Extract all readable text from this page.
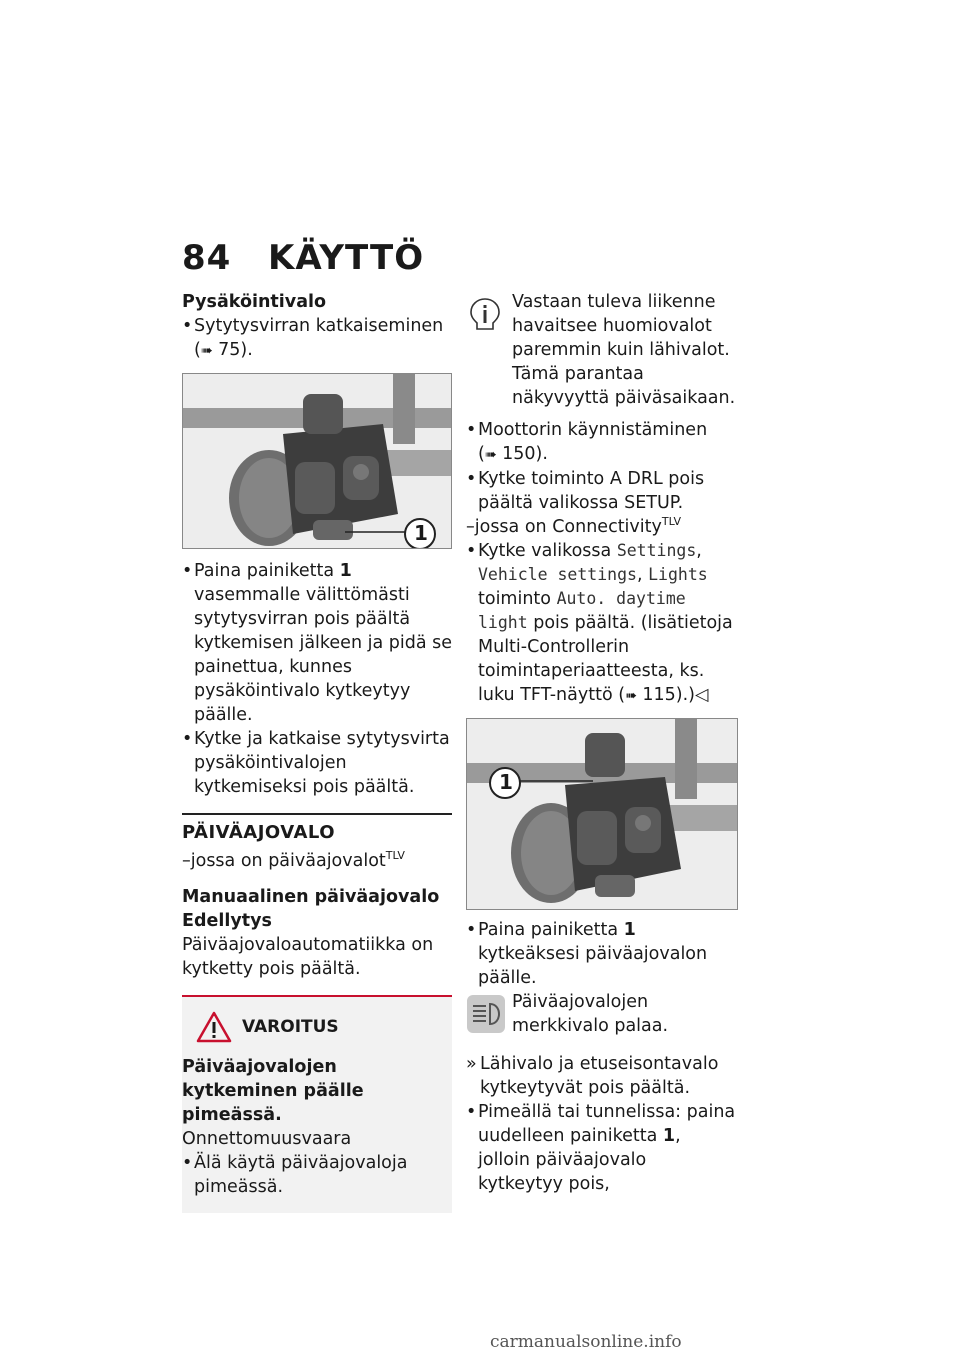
84 KÄYTTÖ
Pysäköintivalo
• Sytytysvirran katkaiseminen
(➠ 75).
1
• Paina painiketta 1 vasemmalle välittömästi sytytysvirran pois päältä kytkemisen jälkeen ja pidä se painettua, kunnes pysäköintivalo kytkeytyy päälle.
• Kytke ja katkaise sytytysvirta pysäköintivalojen kytkemiseksi pois päältä.
PÄIVÄAJOVALO
–jossa on päiväajovalot$^{TLV}$
Manuaalinen päiväajovalo
Edellytys
Päiväajovaloautomatiikka on kytketty pois päältä.
VAROITUS
Päiväajovalojen kytkeminen päälle pimeässä.
Onnettomuusvaara
• Älä käytä päiväajovaloja pimeässä.
Vastaan tuleva liikenne havaitsee huomiovalot paremmin kuin lähivalot. Tämä parantaa näkyvyyttä päiväsaikaan.
• Moottorin käynnistäminen
(➠ 150).
• Kytke toiminto A DRL pois päältä valikossa SETUP.
–jossa on Connectivity$^{TLV}$
• Kytke valikossa Settings, Vehicle settings, Lights toiminto Auto. daytime light pois päältä. (lisätietoja Multi-Controllerin toimintaperiaatteesta, ks. luku TFT-näyttö (➠ 115).)◁
1
• Paina painiketta 1 kytkeäksesi päiväajovalon päälle.
Päiväajovalojen merkkivalo palaa.
» Lähivalo ja etuseisontavalo kytkeytyvät pois päältä.
• Pimeällä tai tunnelissa: paina uudelleen painiketta 1, jolloin päiväajovalo kytkeytyy pois,
carmanualsonline.info
